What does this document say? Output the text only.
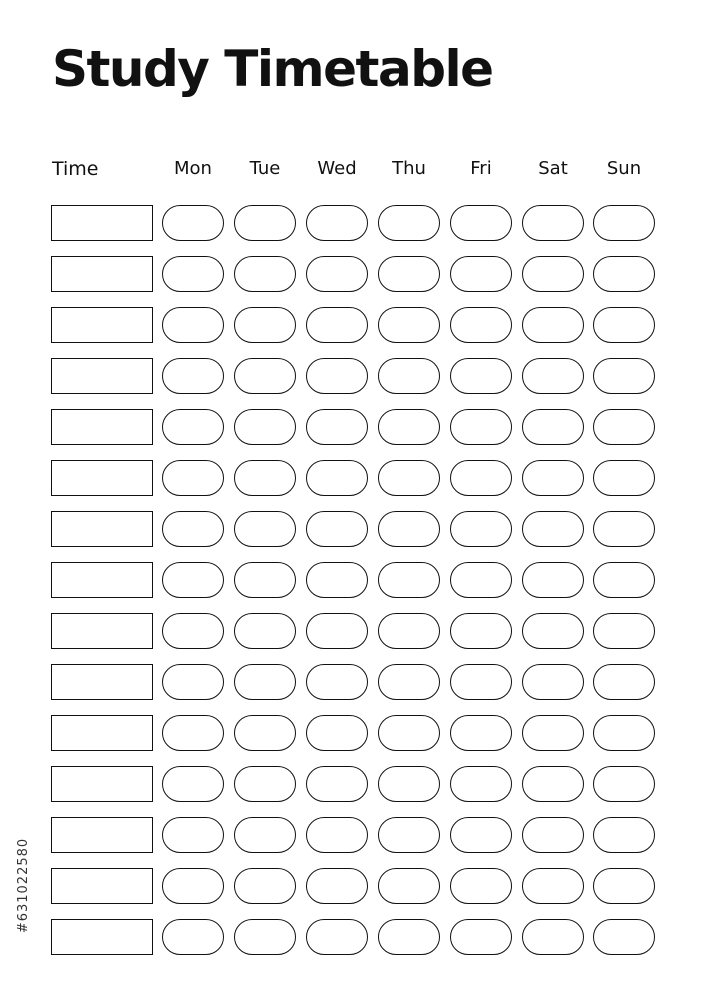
Study Timetable
Time	Mon	Tue	Wed	Thu	Fri	Sat	Sun
#631022580
